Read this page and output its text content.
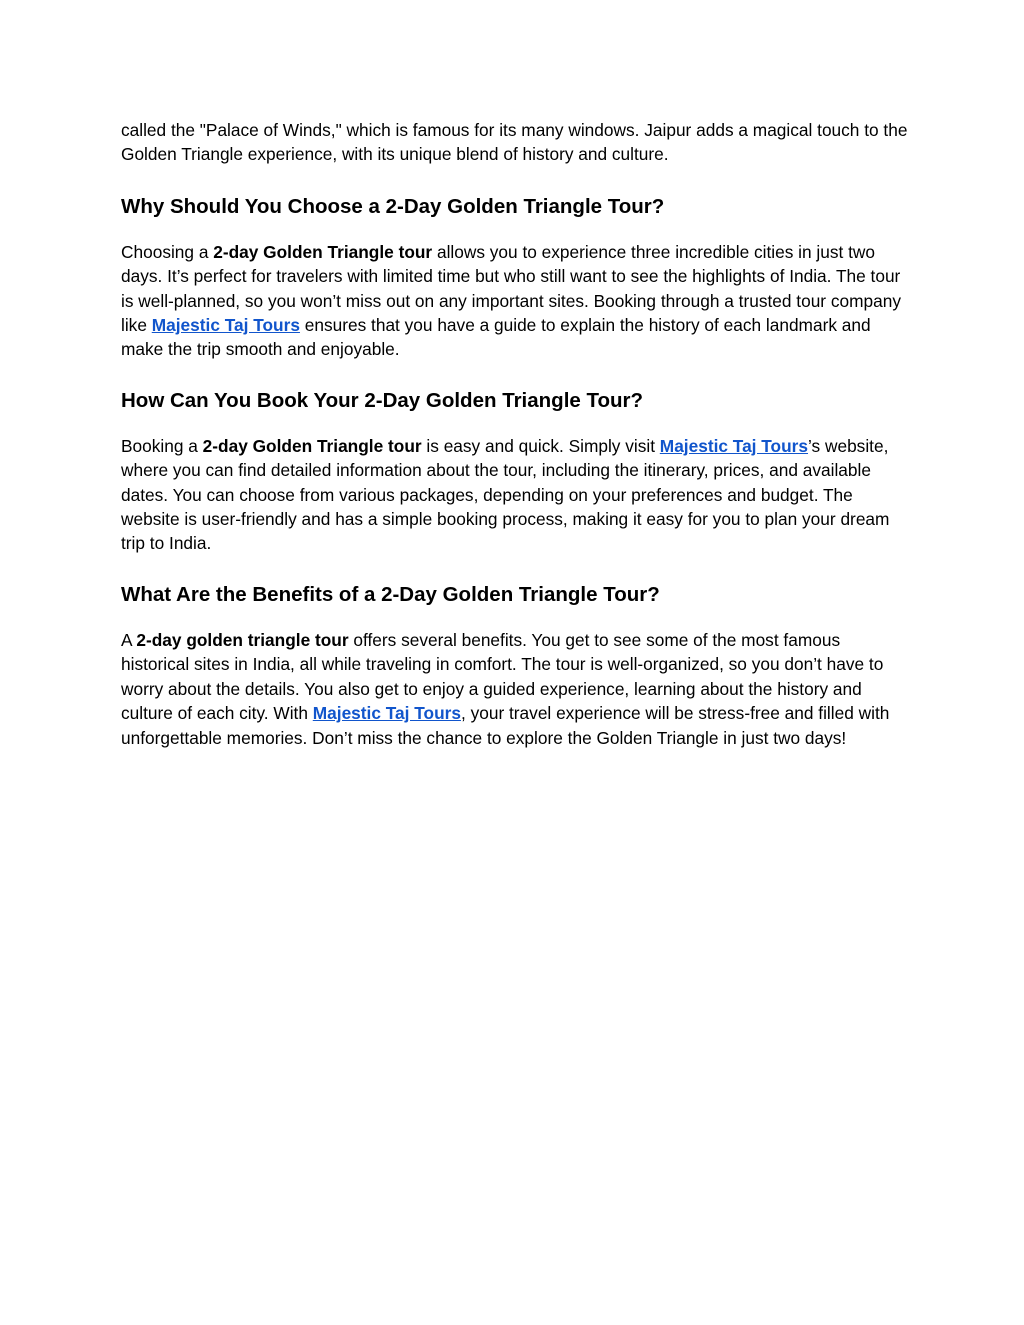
called the "Palace of Winds," which is famous for its many windows. Jaipur adds a magical touch to the Golden Triangle experience, with its unique blend of history and culture.

Why Should You Choose a 2-Day Golden Triangle Tour?

Choosing a 2-day Golden Triangle tour allows you to experience three incredible cities in just two days. It’s perfect for travelers with limited time but who still want to see the highlights of India. The tour is well-planned, so you won’t miss out on any important sites. Booking through a trusted tour company like Majestic Taj Tours ensures that you have a guide to explain the history of each landmark and make the trip smooth and enjoyable.

How Can You Book Your 2-Day Golden Triangle Tour?

Booking a 2-day Golden Triangle tour is easy and quick. Simply visit Majestic Taj Tours’s website, where you can find detailed information about the tour, including the itinerary, prices, and available dates. You can choose from various packages, depending on your preferences and budget. The website is user-friendly and has a simple booking process, making it easy for you to plan your dream trip to India.

What Are the Benefits of a 2-Day Golden Triangle Tour?

A 2-day golden triangle tour offers several benefits. You get to see some of the most famous historical sites in India, all while traveling in comfort. The tour is well-organized, so you don’t have to worry about the details. You also get to enjoy a guided experience, learning about the history and culture of each city. With Majestic Taj Tours, your travel experience will be stress-free and filled with unforgettable memories. Don’t miss the chance to explore the Golden Triangle in just two days!
